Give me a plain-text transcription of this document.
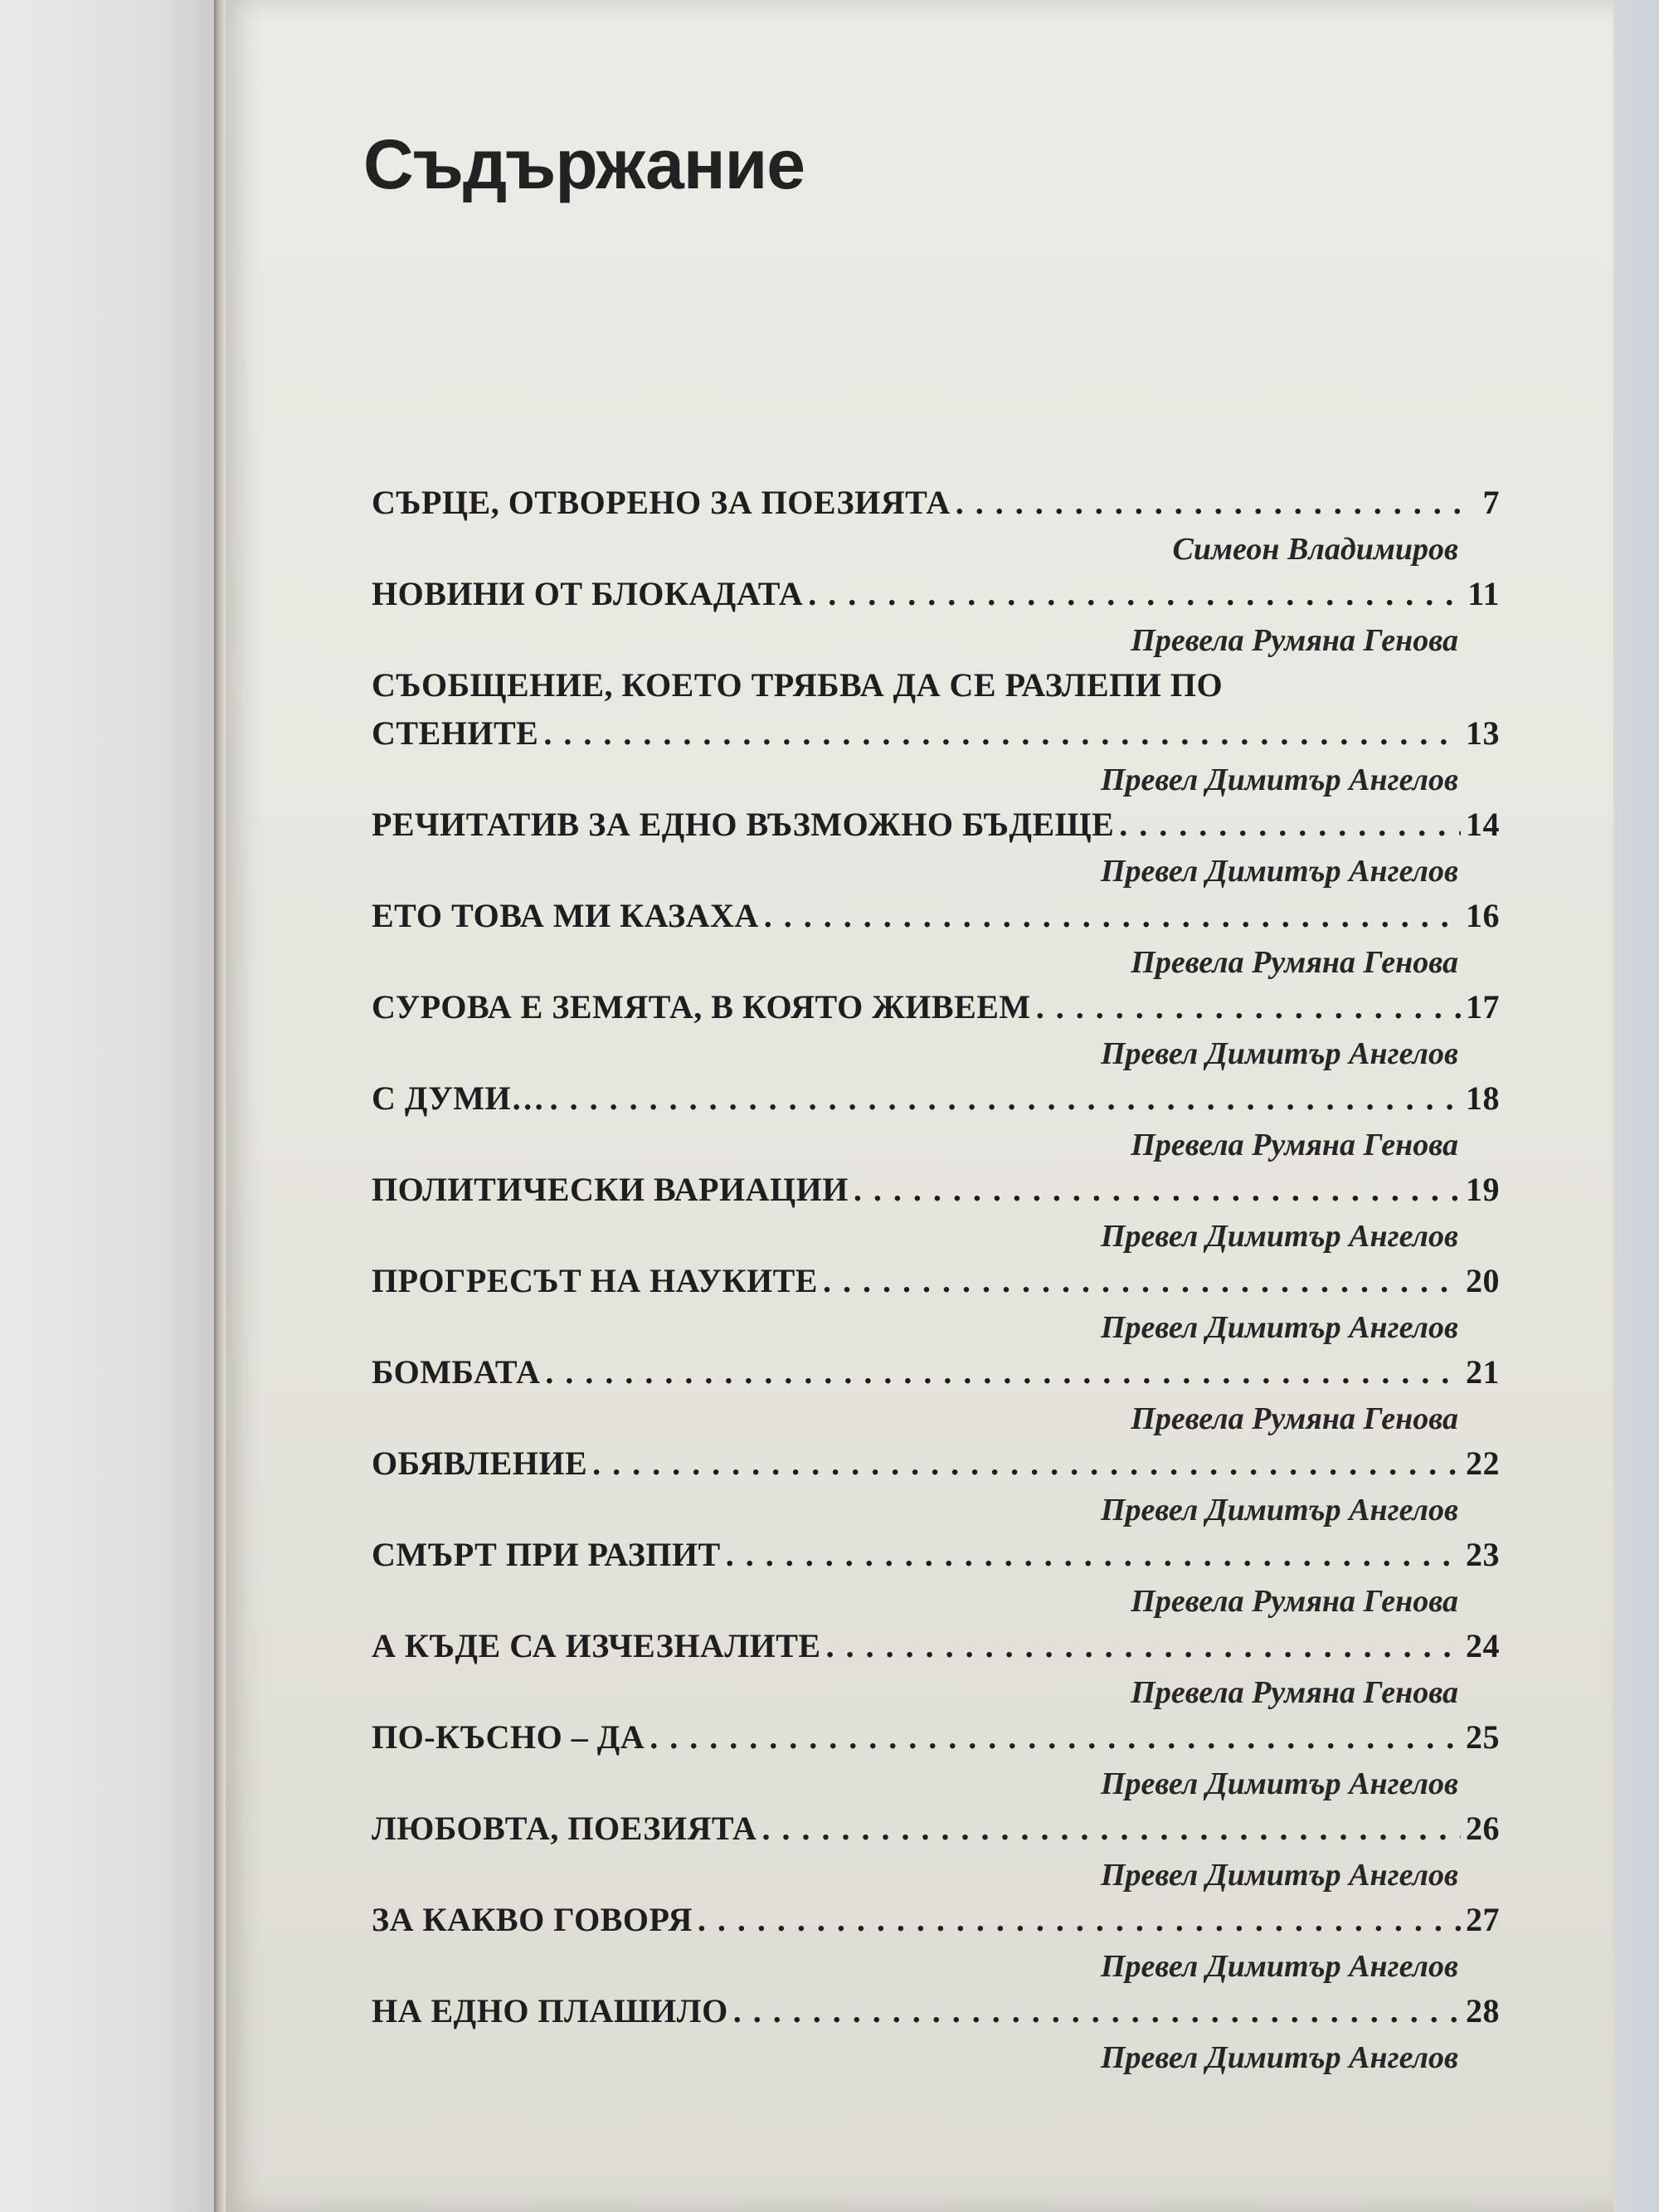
Съдържание
СЪРЦЕ, ОТВОРЕНО ЗА ПОЕЗИЯТА .....	7
Симеон Владимиров
НОВИНИ ОТ БЛОКАДАТА .....	11
Превела Румяна Генова
СЪОБЩЕНИЕ, КОЕТО ТРЯБВА ДА СЕ РАЗЛЕПИ ПО
СТЕНИТЕ .....	13
Превел Димитър Ангелов
РЕЧИТАТИВ ЗА ЕДНО ВЪЗМОЖНО БЪДЕЩЕ .....	14
Превел Димитър Ангелов
ЕТО ТОВА МИ КАЗАХА .....	16
Превела Румяна Генова
СУРОВА Е ЗЕМЯТА, В КОЯТО ЖИВЕЕМ .....	17
Превел Димитър Ангелов
С ДУМИ… .....	18
Превела Румяна Генова
ПОЛИТИЧЕСКИ ВАРИАЦИИ .....	19
Превел Димитър Ангелов
ПРОГРЕСЪТ НА НАУКИТЕ .....	20
Превел Димитър Ангелов
БОМБАТА .....	21
Превела Румяна Генова
ОБЯВЛЕНИЕ .....	22
Превел Димитър Ангелов
СМЪРТ ПРИ РАЗПИТ .....	23
Превела Румяна Генова
А КЪДЕ СА ИЗЧЕЗНАЛИТЕ .....	24
Превела Румяна Генова
ПО-КЪСНО – ДА .....	25
Превел Димитър Ангелов
ЛЮБОВТА, ПОЕЗИЯТА .....	26
Превел Димитър Ангелов
ЗА КАКВО ГОВОРЯ .....	27
Превел Димитър Ангелов
НА ЕДНО ПЛАШИЛО .....	28
Превел Димитър Ангелов
